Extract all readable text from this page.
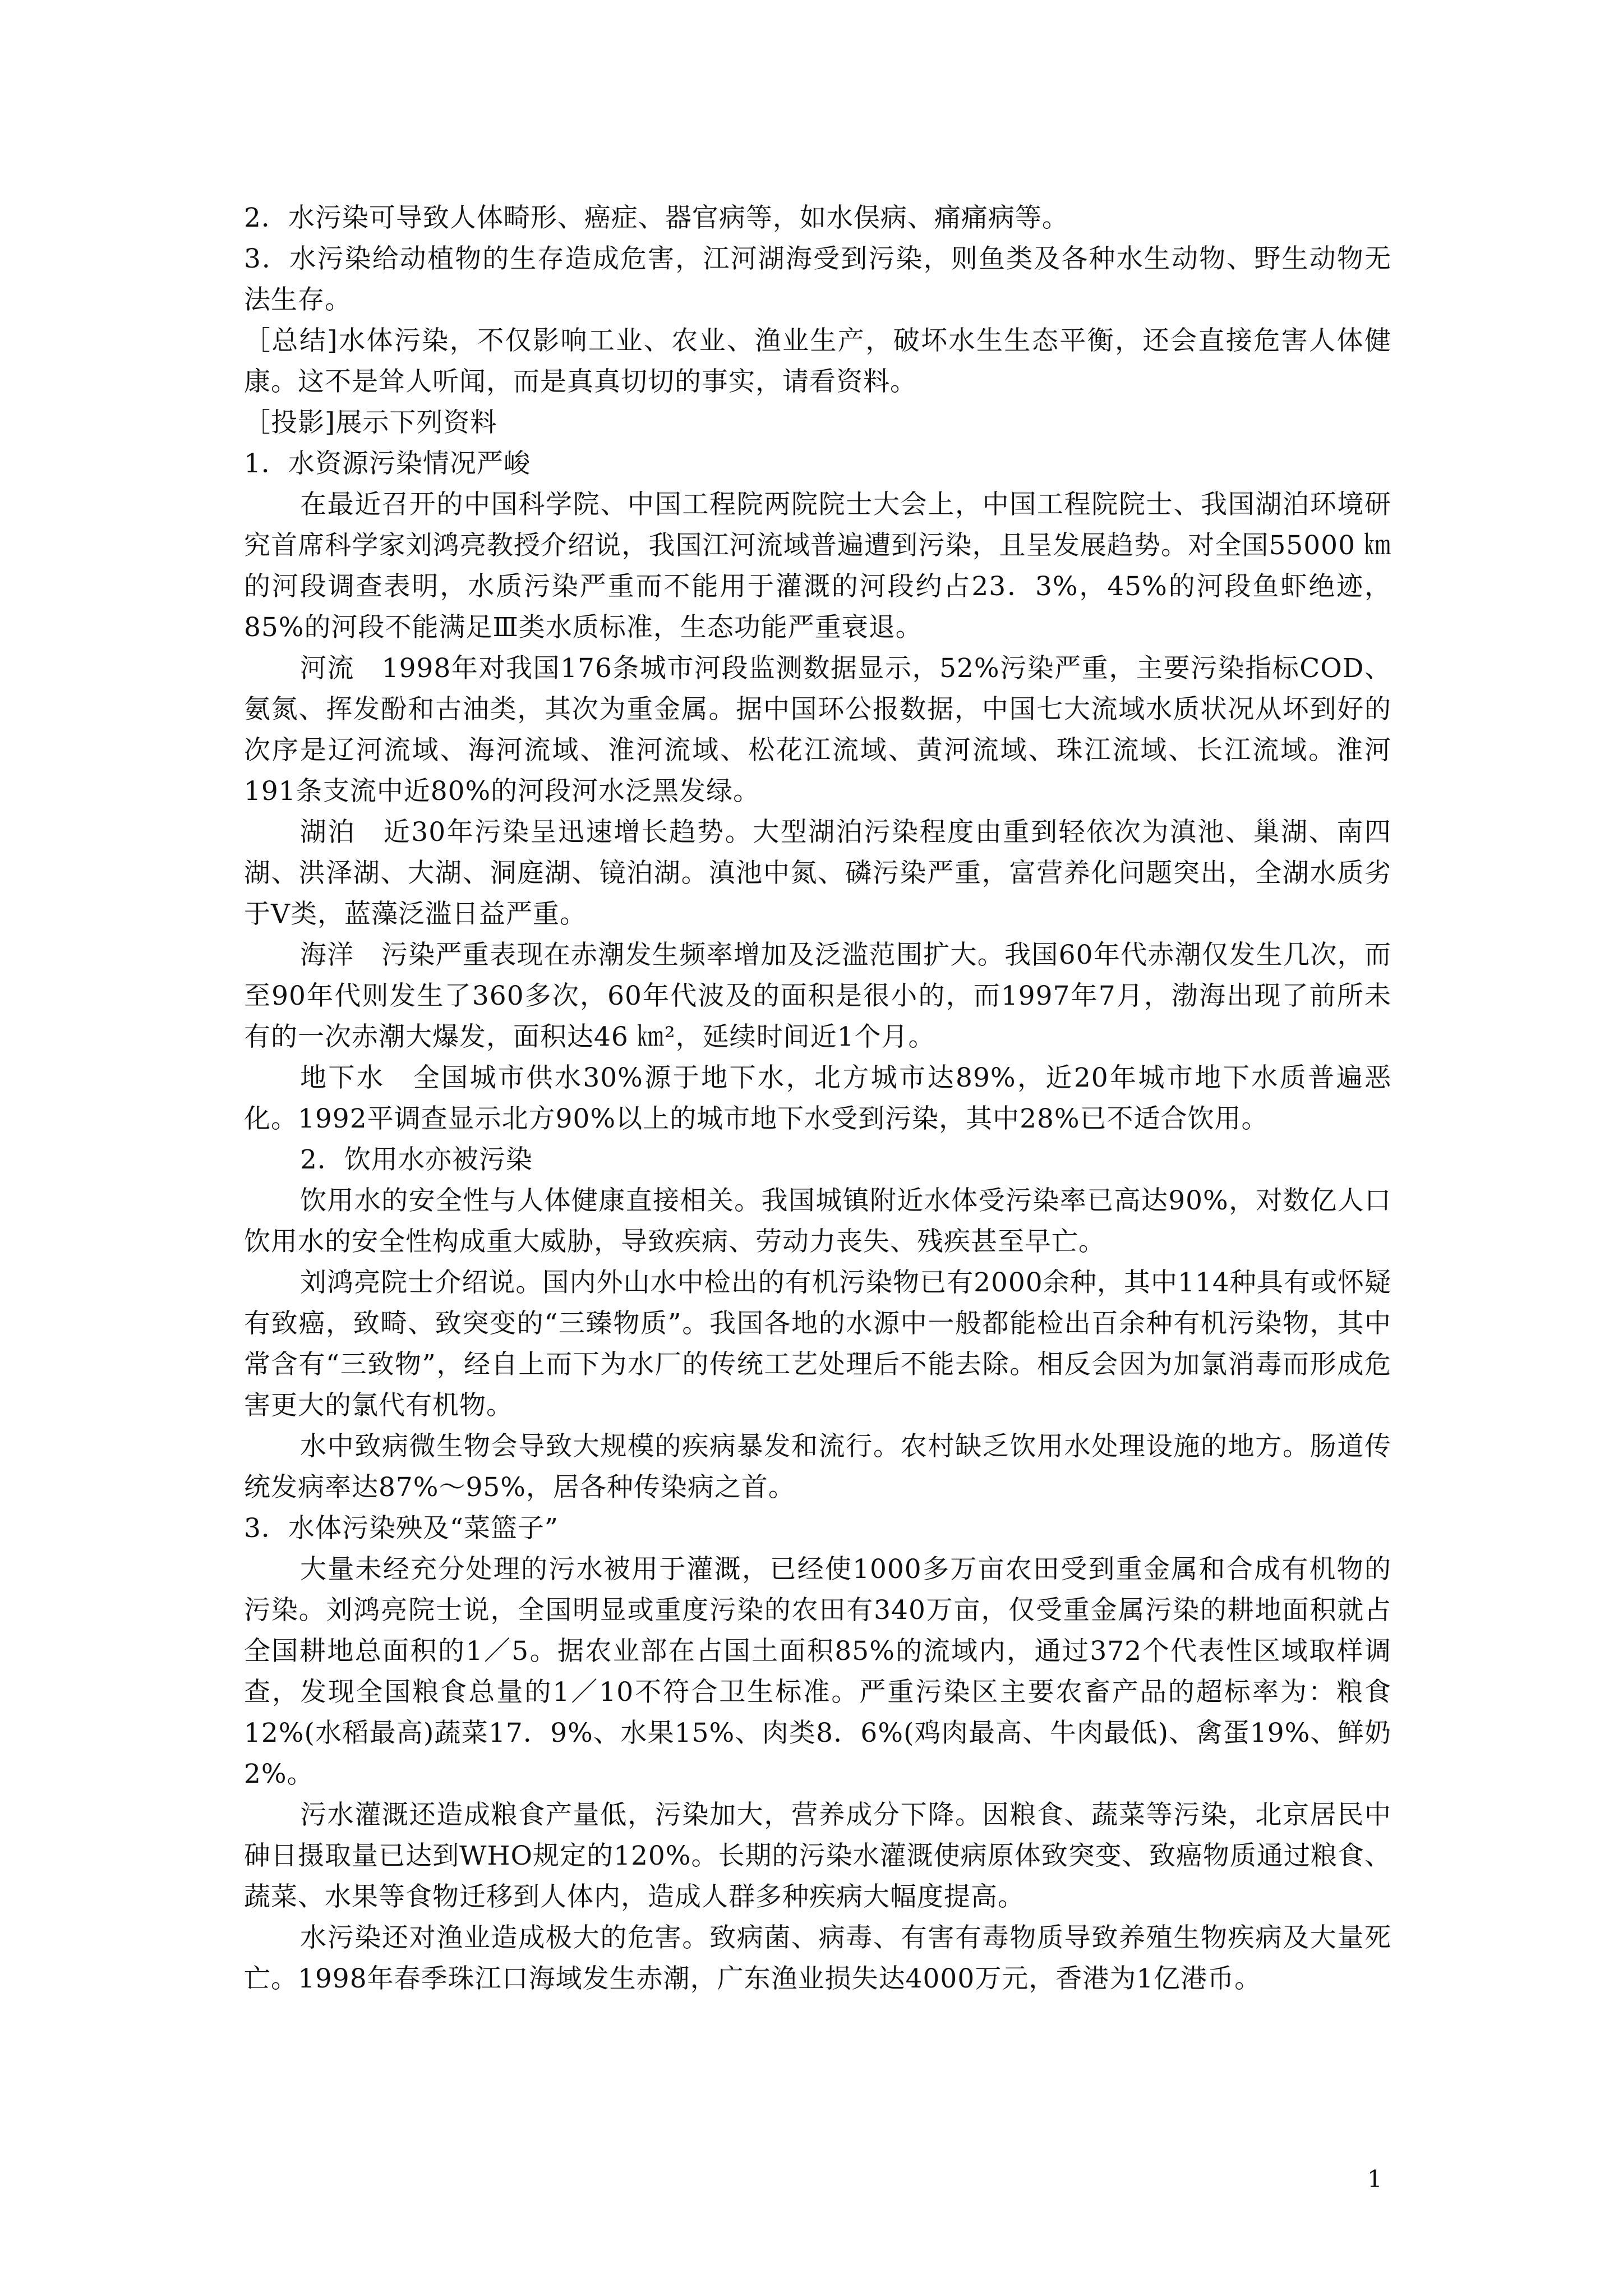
2．水污染可导致人体畸形、癌症、器官病等，如水俣病、痛痛病等。

3．水污染给动植物的生存造成危害，江河湖海受到污染，则鱼类及各种水生动物、野生动物无法生存。

［总结]水体污染，不仅影响工业、农业、渔业生产，破坏水生生态平衡，还会直接危害人体健康。这不是耸人听闻，而是真真切切的事实，请看资料。

［投影]展示下列资料

1．水资源污染情况严峻

在最近召开的中国科学院、中国工程院两院院士大会上，中国工程院院士、我国湖泊环境研究首席科学家刘鸿亮教授介绍说，我国江河流域普遍遭到污染，且呈发展趋势。对全国55000 ㎞的河段调查表明，水质污染严重而不能用于灌溉的河段约占23．3%，45%的河段鱼虾绝迹，85%的河段不能满足Ⅲ类水质标准，生态功能严重衰退。

河流　1998年对我国176条城市河段监测数据显示，52%污染严重，主要污染指标COD、氨氮、挥发酚和古油类，其次为重金属。据中国环公报数据，中国七大流域水质状况从坏到好的次序是辽河流域、海河流域、淮河流域、松花江流域、黄河流域、珠江流域、长江流域。淮河191条支流中近80%的河段河水泛黑发绿。

湖泊　近30年污染呈迅速增长趋势。大型湖泊污染程度由重到轻依次为滇池、巢湖、南四湖、洪泽湖、大湖、洞庭湖、镜泊湖。滇池中氮、磷污染严重，富营养化问题突出，全湖水质劣于Ⅴ类，蓝藻泛滥日益严重。

海洋　污染严重表现在赤潮发生频率增加及泛滥范围扩大。我国60年代赤潮仅发生几次，而至90年代则发生了360多次，60年代波及的面积是很小的，而1997年7月，渤海出现了前所未有的一次赤潮大爆发，面积达46 ㎞²，延续时间近1个月。

地下水　全国城市供水30%源于地下水，北方城市达89%，近20年城市地下水质普遍恶化。1992平调查显示北方90%以上的城市地下水受到污染，其中28%已不适合饮用。

2．饮用水亦被污染

饮用水的安全性与人体健康直接相关。我国城镇附近水体受污染率已高达90%，对数亿人口饮用水的安全性构成重大威胁，导致疾病、劳动力丧失、残疾甚至早亡。

刘鸿亮院士介绍说。国内外山水中检出的有机污染物已有2000余种，其中114种具有或怀疑有致癌，致畸、致突变的“三臻物质”。我国各地的水源中一般都能检出百余种有机污染物，其中常含有“三致物”，经自上而下为水厂的传统工艺处理后不能去除。相反会因为加氯消毒而形成危害更大的氯代有机物。

水中致病微生物会导致大规模的疾病暴发和流行。农村缺乏饮用水处理设施的地方。肠道传统发病率达87%～95%，居各种传染病之首。

3．水体污染殃及“菜篮子”

大量未经充分处理的污水被用于灌溉，已经使1000多万亩农田受到重金属和合成有机物的污染。刘鸿亮院士说，全国明显或重度污染的农田有340万亩，仅受重金属污染的耕地面积就占全国耕地总面积的1／5。据农业部在占国土面积85%的流域内，通过372个代表性区域取样调查，发现全国粮食总量的1／10不符合卫生标准。严重污染区主要农畜产品的超标率为：粮食12%(水稻最高)蔬菜17．9%、水果15%、肉类8．6%(鸡肉最高、牛肉最低)、禽蛋19%、鲜奶2%。

污水灌溉还造成粮食产量低，污染加大，营养成分下降。因粮食、蔬菜等污染，北京居民中砷日摄取量已达到WHO规定的120%。长期的污染水灌溉使病原体致突变、致癌物质通过粮食、蔬菜、水果等食物迁移到人体内，造成人群多种疾病大幅度提高。

水污染还对渔业造成极大的危害。致病菌、病毒、有害有毒物质导致养殖生物疾病及大量死亡。1998年春季珠江口海域发生赤潮，广东渔业损失达4000万元，香港为1亿港币。

1
